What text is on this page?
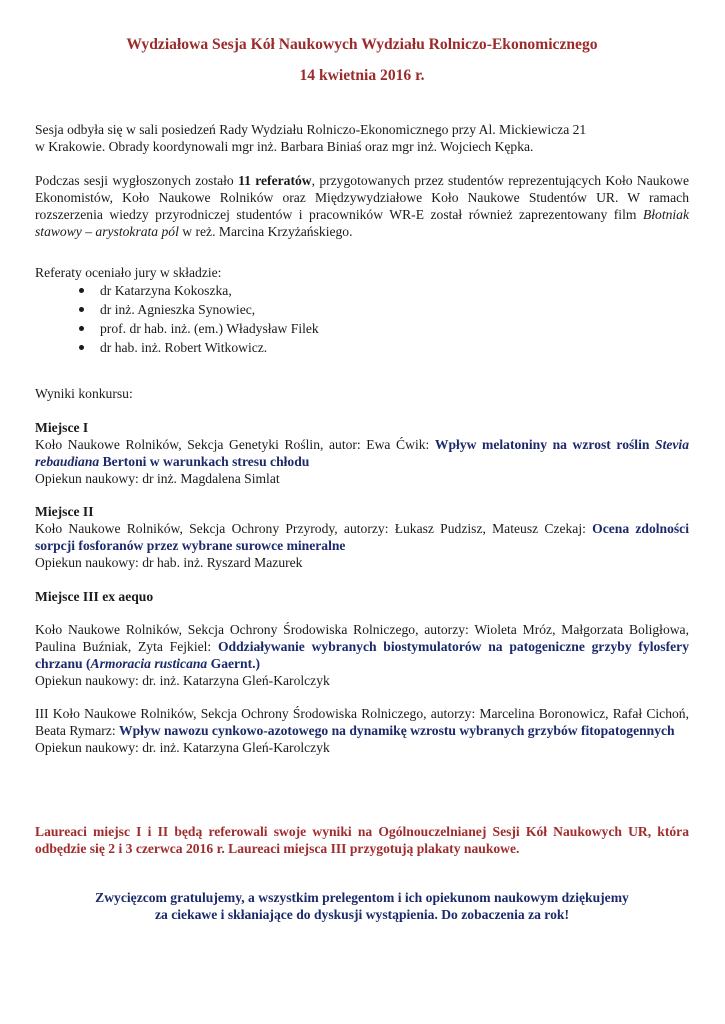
Wydziałowa Sesja Kół Naukowych Wydziału Rolniczo-Ekonomicznego
14 kwietnia 2016 r.

Sesja odbyła się w sali posiedzeń Rady Wydziału Rolniczo-Ekonomicznego przy Al. Mickiewicza 21

w Krakowie. Obrady koordynowali mgr inż. Barbara Biniaś oraz mgr inż. Wojciech Kępka.

Podczas sesji wygłoszonych zostało 11 referatów, przygotowanych przez studentów reprezentujących Koło Naukowe Ekonomistów, Koło Naukowe Rolników oraz Międzywydziałowe Koło Naukowe Studentów UR. W ramach rozszerzenia wiedzy przyrodniczej studentów i pracowników WR-E został również zaprezentowany film Błotniak stawowy – arystokrata pól w reż. Marcina Krzyżańskiego.

Referaty oceniało jury w składzie:

dr Katarzyna Kokoszka,
dr inż. Agnieszka Synowiec,
prof. dr hab. inż. (em.) Władysław Filek
dr hab. inż. Robert Witkowicz.
Wyniki konkursu:

Miejsce I

Koło Naukowe Rolników, Sekcja Genetyki Roślin, autor: Ewa Ćwik: Wpływ melatoniny na wzrost roślin Stevia rebaudiana Bertoni w warunkach stresu chłodu

Opiekun naukowy: dr inż. Magdalena Simlat

Miejsce II

Koło Naukowe Rolników, Sekcja Ochrony Przyrody, autorzy: Łukasz Pudzisz, Mateusz Czekaj: Ocena zdolności sorpcji fosforanów przez wybrane surowce mineralne

Opiekun naukowy: dr hab. inż. Ryszard Mazurek

Miejsce III ex aequo

Koło Naukowe Rolników, Sekcja Ochrony Środowiska Rolniczego, autorzy: Wioleta Mróz, Małgorzata Boligłowa, Paulina Buźniak, Zyta Fejkiel: Oddziaływanie wybranych biostymulatorów na patogeniczne grzyby fylosfery chrzanu (Armoracia rusticana Gaernt.)

Opiekun naukowy: dr. inż. Katarzyna Gleń-Karolczyk

III Koło Naukowe Rolników, Sekcja Ochrony Środowiska Rolniczego, autorzy: Marcelina Boronowicz, Rafał Cichoń, Beata Rymarz: Wpływ nawozu cynkowo-azotowego na dynamikę wzrostu wybranych grzybów fitopatogennych

Opiekun naukowy: dr. inż. Katarzyna Gleń-Karolczyk

Laureaci miejsc I i II będą referowali swoje wyniki na Ogólnouczelnianej Sesji Kół Naukowych UR, która odbędzie się 2 i 3 czerwca 2016 r. Laureaci miejsca III przygotują plakaty naukowe.

Zwycięzcom gratulujemy, a wszystkim prelegentom i ich opiekunom naukowym dziękujemy

za ciekawe i skłaniające do dyskusji wystąpienia. Do zobaczenia za rok!
